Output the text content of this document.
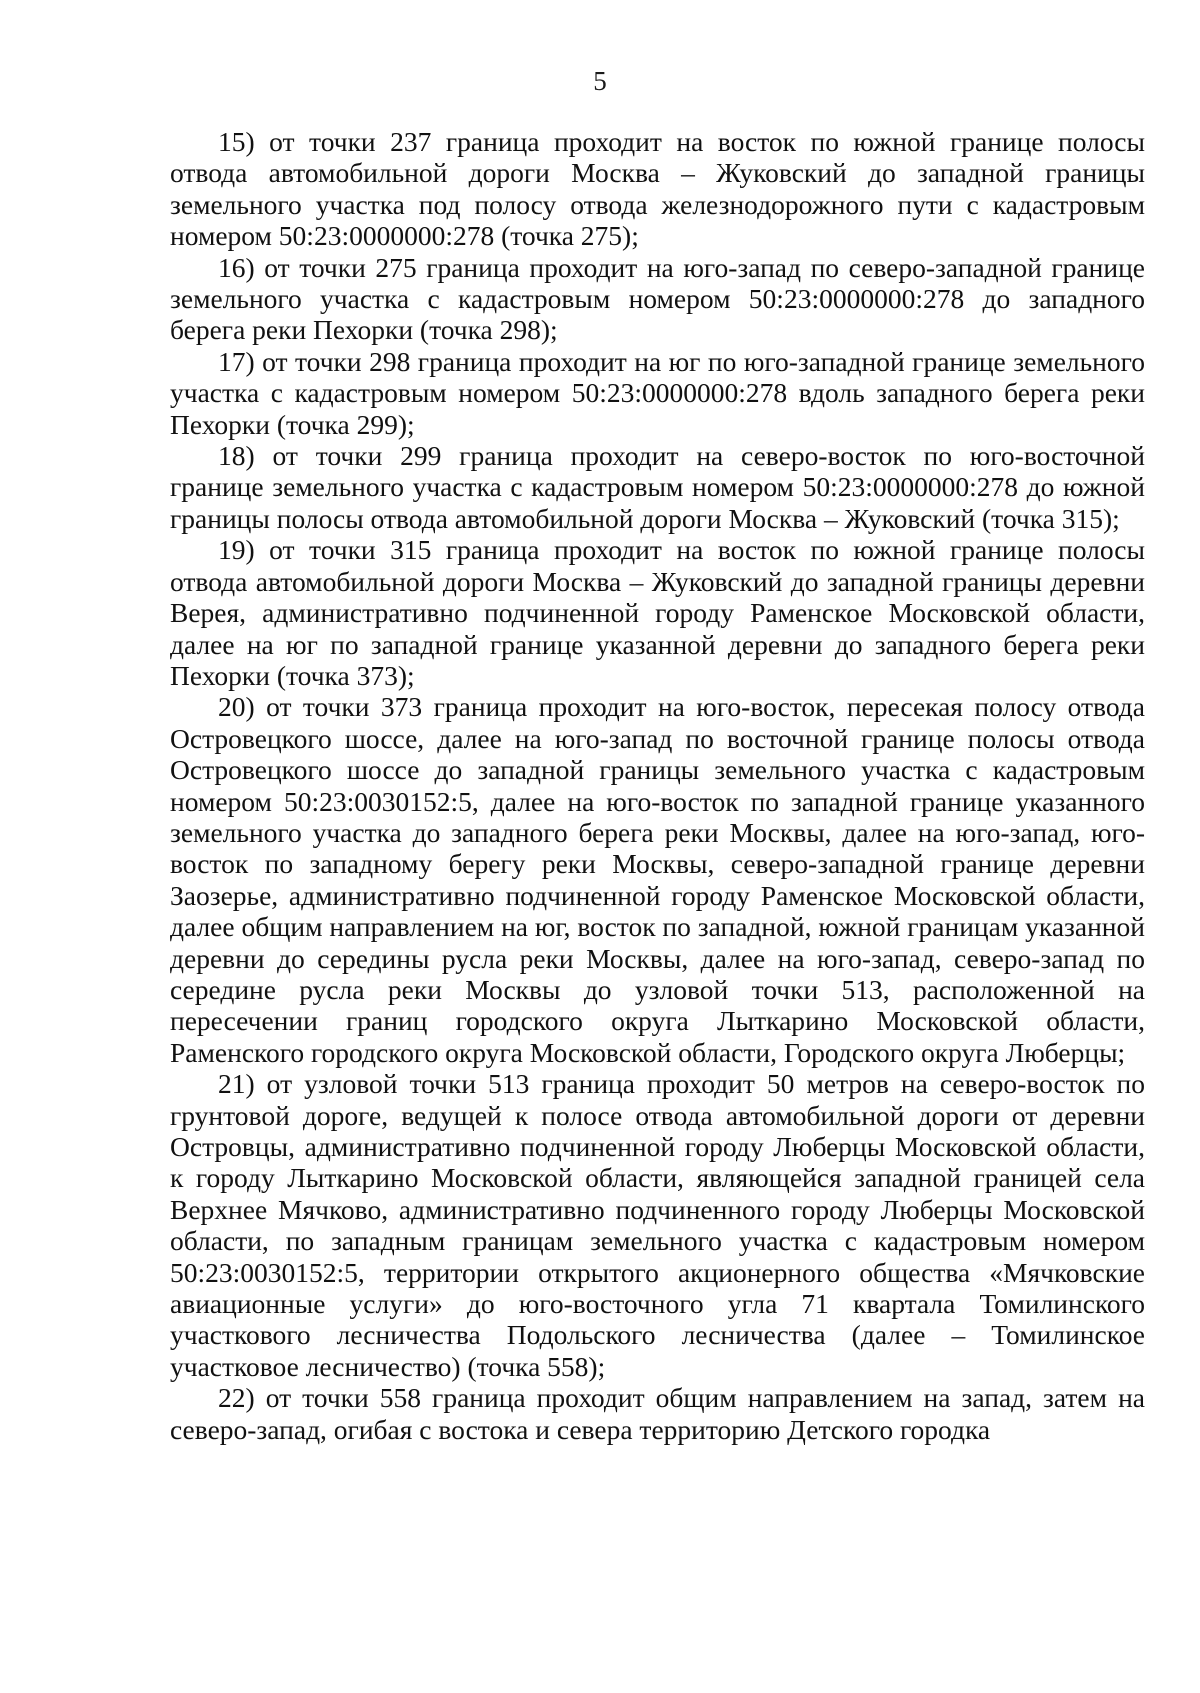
5

15) от точки 237 граница проходит на восток по южной границе полосы отвода автомобильной дороги Москва – Жуковский до западной границы земельного участка под полосу отвода железнодорожного пути с кадастровым номером 50:23:0000000:278 (точка 275);

16) от точки 275 граница проходит на юго-запад по северо-западной границе земельного участка с кадастровым номером 50:23:0000000:278 до западного берега реки Пехорки (точка 298);

17) от точки 298 граница проходит на юг по юго-западной границе земельного участка с кадастровым номером 50:23:0000000:278 вдоль западного берега реки Пехорки (точка 299);

18) от точки 299 граница проходит на северо-восток по юго-восточной границе земельного участка с кадастровым номером 50:23:0000000:278 до южной границы полосы отвода автомобильной дороги Москва – Жуковский (точка 315);

19) от точки 315 граница проходит на восток по южной границе полосы отвода автомобильной дороги Москва – Жуковский до западной границы деревни Верея, административно подчиненной городу Раменское Московской области, далее на юг по западной границе указанной деревни до западного берега реки Пехорки (точка 373);

20) от точки 373 граница проходит на юго-восток, пересекая полосу отвода Островецкого шоссе, далее на юго-запад по восточной границе полосы отвода Островецкого шоссе до западной границы земельного участка с кадастровым номером 50:23:0030152:5, далее на юго-восток по западной границе указанного земельного участка до западного берега реки Москвы, далее на юго-запад, юго-восток по западному берегу реки Москвы, северо-западной границе деревни Заозерье, административно подчиненной городу Раменское Московской области, далее общим направлением на юг, восток по западной, южной границам указанной деревни до середины русла реки Москвы, далее на юго-запад, северо-запад по середине русла реки Москвы до узловой точки 513, расположенной на пересечении границ городского округа Лыткарино Московской области, Раменского городского округа Московской области, Городского округа Люберцы;

21) от узловой точки 513 граница проходит 50 метров на северо-восток по грунтовой дороге, ведущей к полосе отвода автомобильной дороги от деревни Островцы, административно подчиненной городу Люберцы Московской области, к городу Лыткарино Московской области, являющейся западной границей села Верхнее Мячково, административно подчиненного городу Люберцы Московской области, по западным границам земельного участка с кадастровым номером 50:23:0030152:5, территории открытого акционерного общества «Мячковские авиационные услуги» до юго-восточного угла 71 квартала Томилинского участкового лесничества Подольского лесничества (далее – Томилинское участковое лесничество) (точка 558);

22) от точки 558 граница проходит общим направлением на запад, затем на северо-запад, огибая с востока и севера территорию Детского городка
